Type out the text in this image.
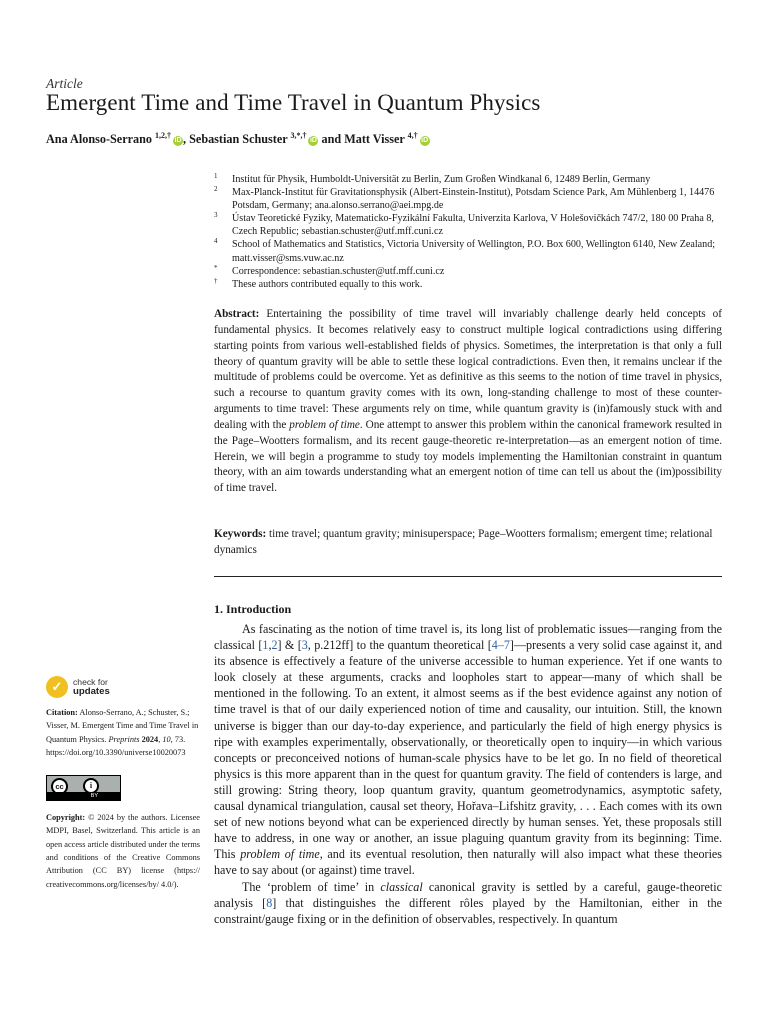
Article
Emergent Time and Time Travel in Quantum Physics
Ana Alonso-Serrano $^{1,2,\dagger}$iD , Sebastian Schuster $^{3,*,\dagger}$iD and Matt Visser $^{4,\dagger}$iD
1 Institut für Physik, Humboldt-Universität zu Berlin, Zum Großen Windkanal 6, 12489 Berlin, Germany
2 Max-Planck-Institut für Gravitationsphysik (Albert-Einstein-Institut), Potsdam Science Park, Am Mühlenberg 1, 14476 Potsdam, Germany; ana.alonso.serrano@aei.mpg.de
3 Ústav Teoretické Fyziky, Matematicko-Fyzikální Fakulta, Univerzita Karlova, V Holešovičkách 747/2, 180 00 Praha 8, Czech Republic; sebastian.schuster@utf.mff.cuni.cz
4 School of Mathematics and Statistics, Victoria University of Wellington, P.O. Box 600, Wellington 6140, New Zealand; matt.visser@sms.vuw.ac.nz
* Correspondence: sebastian.schuster@utf.mff.cuni.cz
† These authors contributed equally to this work.
Abstract: Entertaining the possibility of time travel will invariably challenge dearly held concepts of fundamental physics. It becomes relatively easy to construct multiple logical contradictions using differing starting points from various well-established fields of physics. Sometimes, the interpretation is that only a full theory of quantum gravity will be able to settle these logical contradictions. Even then, it remains unclear if the multitude of problems could be overcome. Yet as definitive as this seems to the notion of time travel in physics, such a recourse to quantum gravity comes with its own, long-standing challenge to most of these counter-arguments to time travel: These arguments rely on time, while quantum gravity is (in)famously stuck with and dealing with the problem of time. One attempt to answer this problem within the canonical framework resulted in the Page–Wootters formalism, and its recent gauge-theoretic re-interpretation—as an emergent notion of time. Herein, we will begin a programme to study toy models implementing the Hamiltonian constraint in quantum theory, with an aim towards understanding what an emergent notion of time can tell us about the (im)possibility of time travel.
Keywords: time travel; quantum gravity; minisuperspace; Page–Wootters formalism; emergent time; relational dynamics
1. Introduction

As fascinating as the notion of time travel is, its long list of problematic issues—ranging from the classical [1,2] & [3, p.212ff] to the quantum theoretical [4–7]—presents a very solid case against it, and its absence is effectively a feature of the universe accessible to human experience. Yet if one wants to look closely at these arguments, cracks and loopholes start to appear—many of which shall be mentioned in the following. To an extent, it almost seems as if the best evidence against any notion of time travel is that of our daily experienced notion of time and causality, our intuition. Still, the known universe is bigger than our day-to-day experience, and particularly the field of high energy physics is ripe with examples experimentally, observationally, or theoretically open to inquiry—in which various concepts or preconceived notions of human-scale physics have to be let go. In no field of theoretical physics is this more apparent than in the quest for quantum gravity. The field of contenders is large, and still growing: String theory, loop quantum gravity, quantum geometrodynamics, asymptotic safety, causal dynamical triangulation, causal set theory, Hořava–Lifshitz gravity, . . . Each comes with its own set of new notions beyond what can be experienced directly by human senses. Yet, these proposals still have to address, in one way or another, an issue plaguing quantum gravity from its beginning: Time. This problem of time, and its eventual resolution, then naturally will also impact what these theories have to say about (or against) time travel.

The ‘problem of time’ in classical canonical gravity is settled by a careful, gauge-theoretic analysis [8] that distinguishes the different rôles played by the Hamiltonian, either in the constraint/gauge fixing or in the definition of observables, respectively. In quantum

✓	check for
updates
Citation: Alonso-Serrano, A.; Schuster, S.; Visser, M. Emergent Time and Time Travel in Quantum Physics. Preprints 2024, 10, 73. https://doi.org/10.3390/universe10020073
cc	i
BY
Copyright: © 2024 by the authors. Licensee MDPI, Basel, Switzerland. This article is an open access article distributed under the terms and conditions of the Creative Commons Attribution (CC BY) license (https:// creativecommons.org/licenses/by/ 4.0/).
